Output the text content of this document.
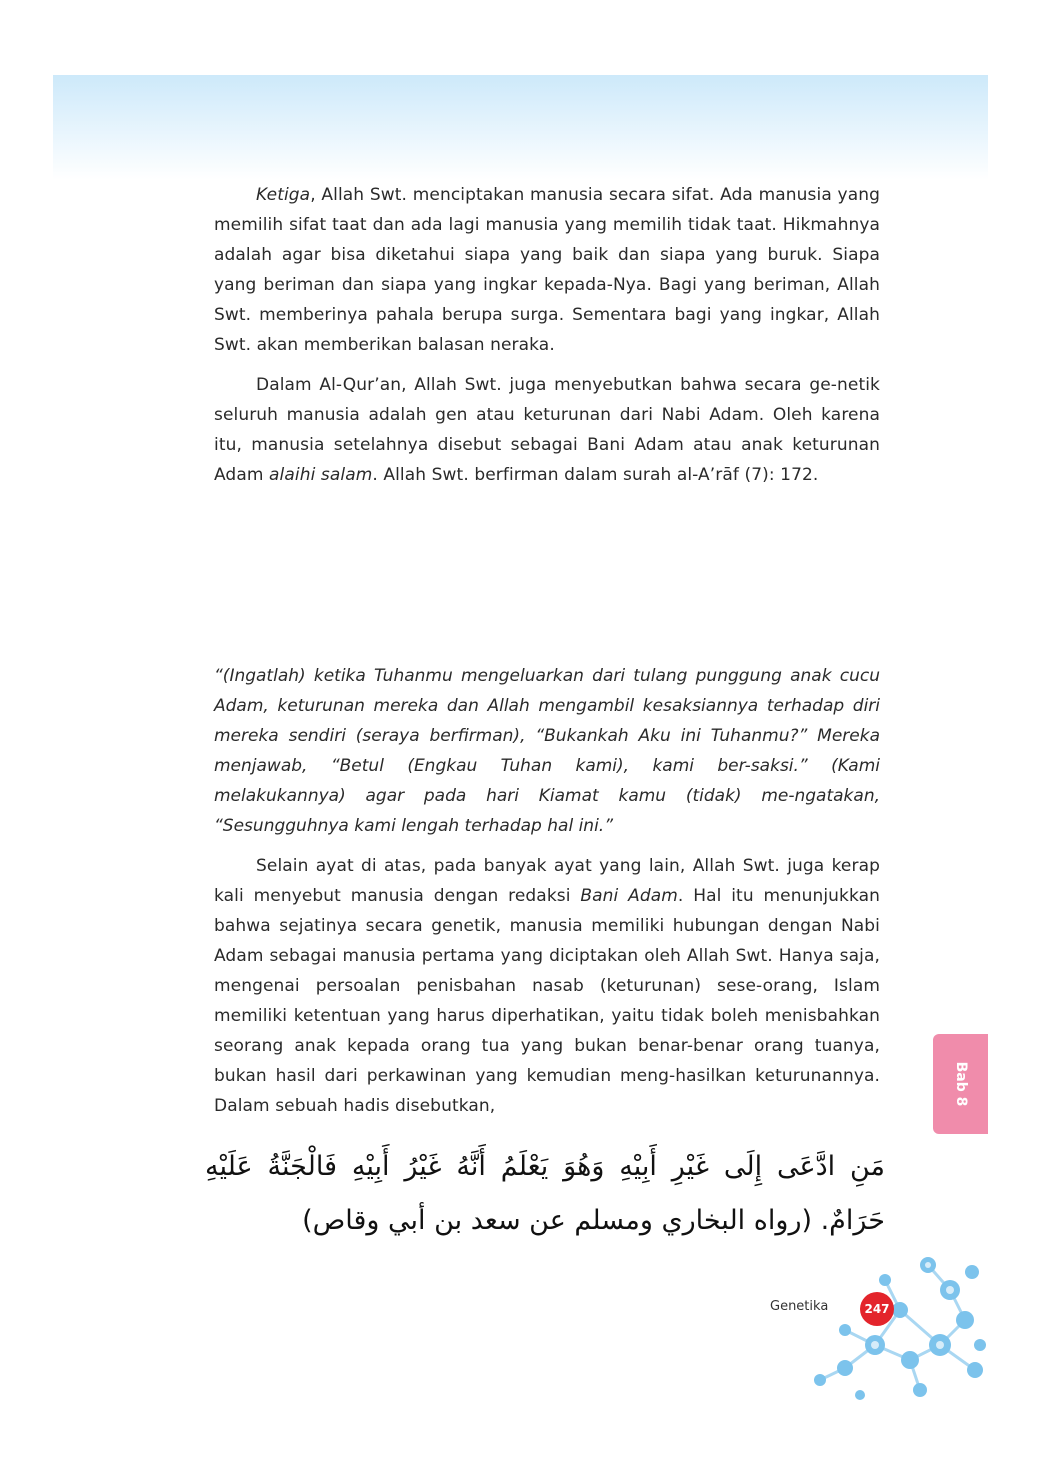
Ketiga, Allah Swt. menciptakan manusia secara sifat. Ada manusia yang memilih sifat taat dan ada lagi manusia yang memilih tidak taat. Hikmahnya adalah agar bisa diketahui siapa yang baik dan siapa yang buruk. Siapa yang beriman dan siapa yang ingkar kepada-Nya. Bagi yang beriman, Allah Swt. memberinya pahala berupa surga. Sementara bagi yang ingkar, Allah Swt. akan memberikan balasan neraka.

Dalam Al-Qur’an, Allah Swt. juga menyebutkan bahwa secara ge-netik seluruh manusia adalah gen atau keturunan dari Nabi Adam. Oleh karena itu, manusia setelahnya disebut sebagai Bani Adam atau anak keturunan Adam alaihi salam. Allah Swt. berfirman dalam surah al-A’rāf (7): 172.

“(Ingatlah) ketika Tuhanmu mengeluarkan dari tulang punggung anak cucu Adam, keturunan mereka dan Allah mengambil kesaksiannya terhadap diri mereka sendiri (seraya berfirman), “Bukankah Aku ini Tuhanmu?” Mereka menjawab, “Betul (Engkau Tuhan kami), kami ber-saksi.” (Kami melakukannya) agar pada hari Kiamat kamu (tidak) me-ngatakan, “Sesungguhnya kami lengah terhadap hal ini.”

Selain ayat di atas, pada banyak ayat yang lain, Allah Swt. juga kerap kali menyebut manusia dengan redaksi Bani Adam. Hal itu menunjukkan bahwa sejatinya secara genetik, manusia memiliki hubungan dengan Nabi Adam sebagai manusia pertama yang diciptakan oleh Allah Swt. Hanya saja, mengenai persoalan penisbahan nasab (keturunan) sese-orang, Islam memiliki ketentuan yang harus diperhatikan, yaitu tidak boleh menisbahkan seorang anak kepada orang tua yang bukan benar-benar orang tuanya, bukan hasil dari perkawinan yang kemudian meng-hasilkan keturunannya. Dalam sebuah hadis disebutkan,

مَنِ ادَّعَى إِلَى غَيْرِ أَبِيْهِ وَهُوَ يَعْلَمُ أَنَّهُ غَيْرُ أَبِيْهِ فَالْجَنَّةُ عَلَيْهِ حَرَامٌ. (رواه البخاري ومسلم عن سعد بن أبي وقاص)
Bab 8
Genetika	247
